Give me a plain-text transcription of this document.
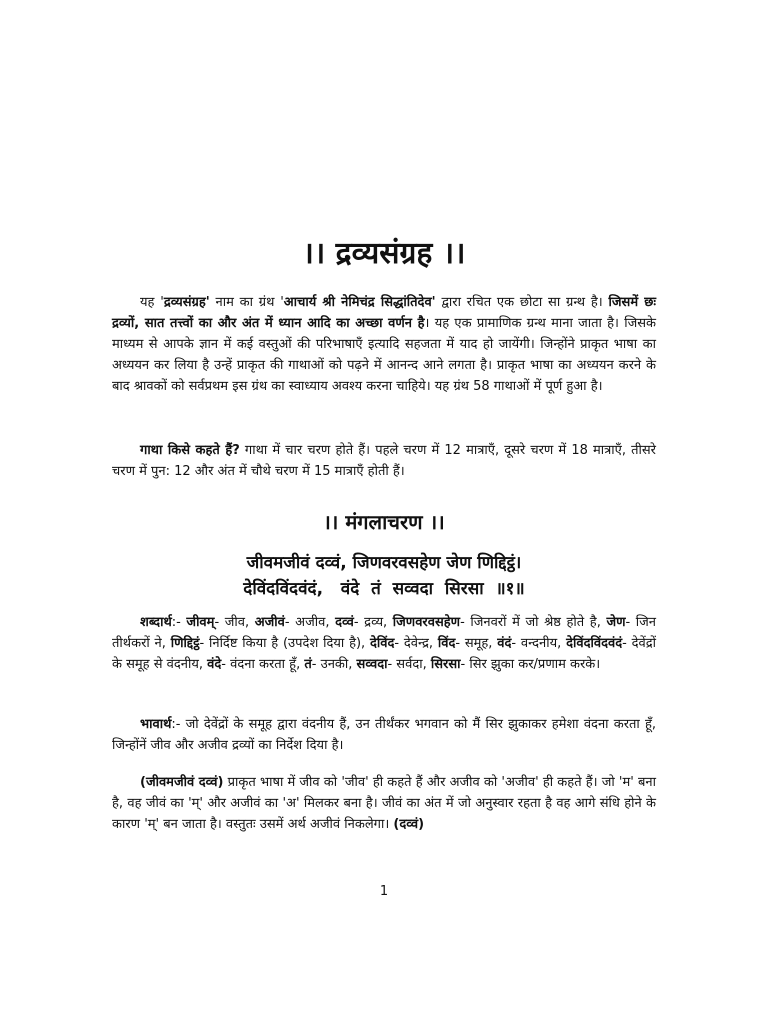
।। द्रव्यसंग्रह ।।

यह 'द्रव्यसंग्रह' नाम का ग्रंथ 'आचार्य श्री नेमिचंद्र सिद्धांतिदेव' द्वारा रचित एक छोटा सा ग्रन्थ है। जिसमें छः द्रव्यों, सात तत्त्वों का और अंत में ध्यान आदि का अच्छा वर्णन है। यह एक प्रामाणिक ग्रन्थ माना जाता है। जिसके माध्यम से आपके ज्ञान में कई वस्तुओं की परिभाषाएँ इत्यादि सहजता में याद हो जायेंगी। जिन्होंने प्राकृत भाषा का अध्ययन कर लिया है उन्हें प्राकृत की गाथाओं को पढ़ने में आनन्द आने लगता है। प्राकृत भाषा का अध्ययन करने के बाद श्रावकों को सर्वप्रथम इस ग्रंथ का स्वाध्याय अवश्य करना चाहिये। यह ग्रंथ 58 गाथाओं में पूर्ण हुआ है।

गाथा किसे कहते हैं? गाथा में चार चरण होते हैं। पहले चरण में 12 मात्राएँ, दूसरे चरण में 18 मात्राएँ, तीसरे चरण में पुन: 12 और अंत में चौथे चरण में 15 मात्राएँ होती हैं।

।। मंगलाचरण ।।
जीवमजीवं दव्वं, जिणवरवसहेण जेण णिद्दिट्ठं।
देविंदविंदवंदं,   वंदे  तं  सव्वदा  सिरसा  ॥१॥

शब्दार्थ:- जीवम्- जीव, अजीवं- अजीव, दव्वं- द्रव्य, जिणवरवसहेण- जिनवरों में जो श्रेष्ठ होते है, जेण- जिन तीर्थकरों ने, णिद्दिट्ठं- निर्दिष्ट किया है (उपदेश दिया है), देविंद- देवेन्द्र, विंद- समूह, वंदं- वन्दनीय, देविंदविंदवंदं- देवेंद्रों के समूह से वंदनीय, वंदे- वंदना करता हूँ, तं- उनकी, सव्वदा- सर्वदा, सिरसा- सिर झुका कर/प्रणाम करके।

भावार्थ:- जो देवेंद्रों के समूह द्वारा वंदनीय हैं, उन तीर्थंकर भगवान को मैं सिर झुकाकर हमेशा वंदना करता हूँ, जिन्होंनें जीव और अजीव द्रव्यों का निर्देश दिया है।

(जीवमजीवं दव्वं) प्राकृत भाषा में जीव को 'जीव' ही कहते हैं और अजीव को 'अजीव' ही कहते हैं। जो 'म' बना है, वह जीवं का 'म्' और अजीवं का 'अ' मिलकर बना है। जीवं का अंत में जो अनुस्वार रहता है वह आगे संधि होने के कारण 'म्' बन जाता है। वस्तुतः उसमें अर्थ अजीवं निकलेगा। (दव्वं)

1
